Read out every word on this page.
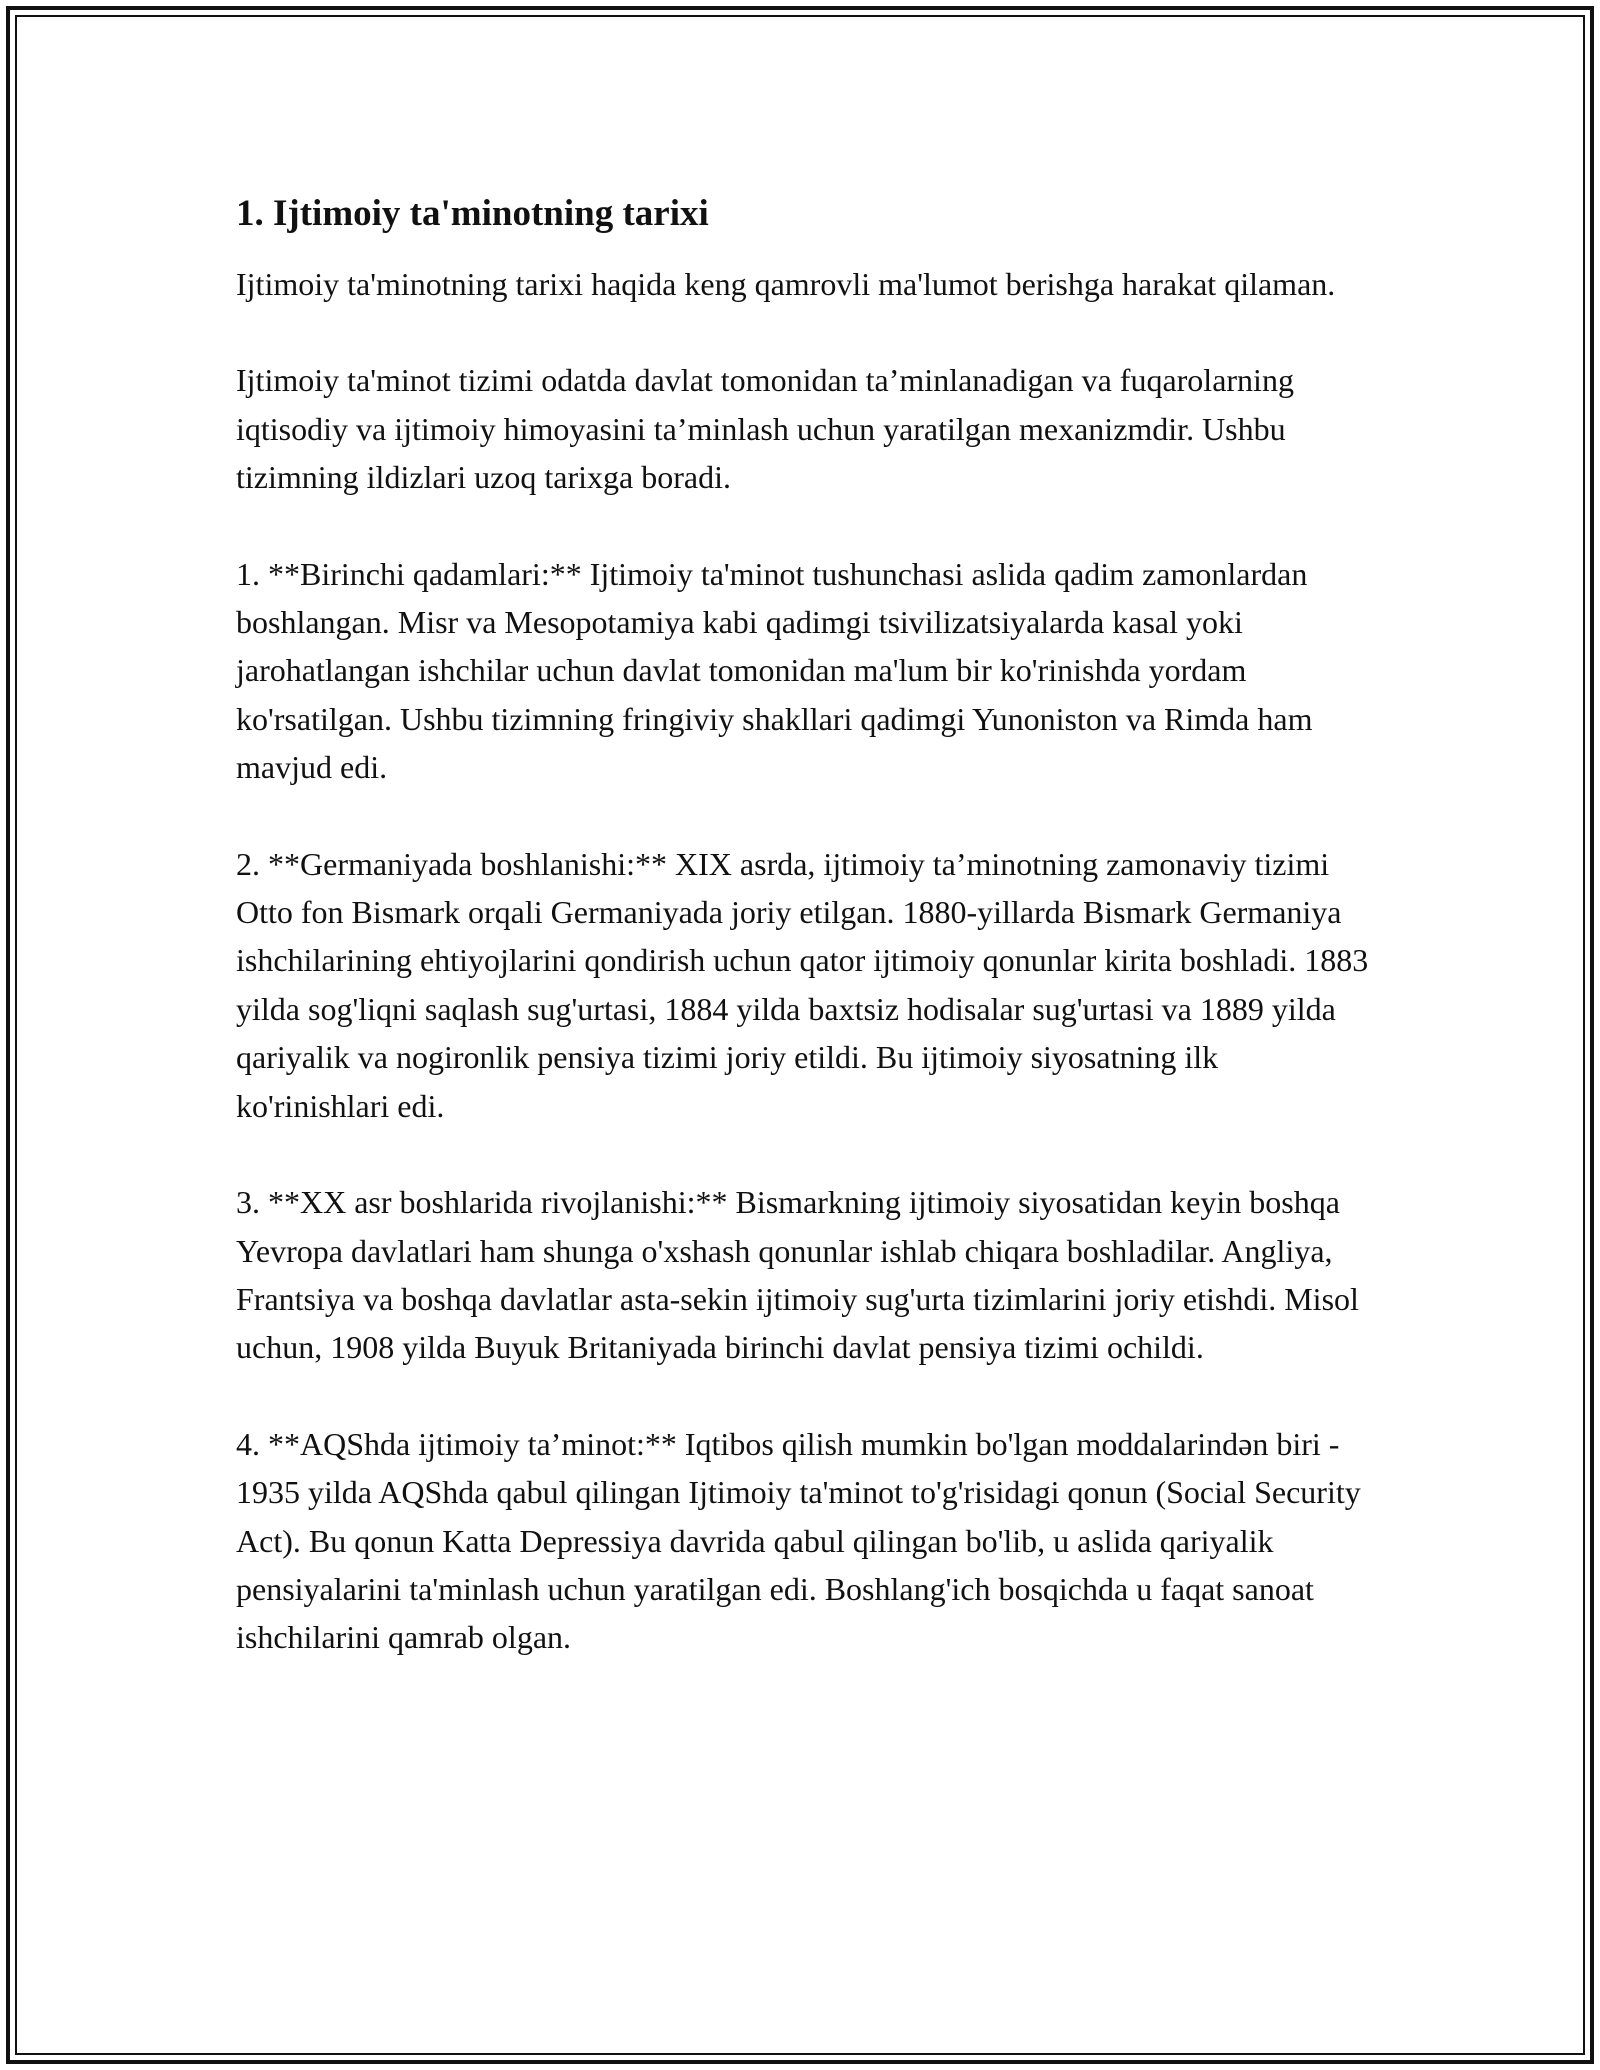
1. Ijtimoiy ta'minotning tarixi

Ijtimoiy ta'minotning tarixi haqida keng qamrovli ma'lumot berishga harakat qilaman.

Ijtimoiy ta'minot tizimi odatda davlat tomonidan ta’minlanadigan va fuqarolarning iqtisodiy va ijtimoiy himoyasini ta’minlash uchun yaratilgan mexanizmdir. Ushbu tizimning ildizlari uzoq tarixga boradi.

1. **Birinchi qadamlari:** Ijtimoiy ta'minot tushunchasi aslida qadim zamonlardan boshlangan. Misr va Mesopotamiya kabi qadimgi tsivilizatsiyalarda kasal yoki jarohatlangan ishchilar uchun davlat tomonidan ma'lum bir ko'rinishda yordam ko'rsatilgan. Ushbu tizimning fringiviy shakllari qadimgi Yunoniston va Rimda ham mavjud edi.

2. **Germaniyada boshlanishi:** XIX asrda, ijtimoiy ta’minotning zamonaviy tizimi Otto fon Bismark orqali Germaniyada joriy etilgan. 1880-yillarda Bismark Germaniya ishchilarining ehtiyojlarini qondirish uchun qator ijtimoiy qonunlar kirita boshladi. 1883 yilda sog'liqni saqlash sug'urtasi, 1884 yilda baxtsiz hodisalar sug'urtasi va 1889 yilda qariyalik va nogironlik pensiya tizimi joriy etildi. Bu ijtimoiy siyosatning ilk ko'rinishlari edi.

3. **XX asr boshlarida rivojlanishi:** Bismarkning ijtimoiy siyosatidan keyin boshqa Yevropa davlatlari ham shunga o'xshash qonunlar ishlab chiqara boshladilar. Angliya, Frantsiya va boshqa davlatlar asta-sekin ijtimoiy sug'urta tizimlarini joriy etishdi. Misol uchun, 1908 yilda Buyuk Britaniyada birinchi davlat pensiya tizimi ochildi.

4. **AQShda ijtimoiy ta’minot:** Iqtibos qilish mumkin bo'lgan moddalarindən biri - 1935 yilda AQShda qabul qilingan Ijtimoiy ta'minot to'g'risidagi qonun (Social Security Act). Bu qonun Katta Depressiya davrida qabul qilingan bo'lib, u aslida qariyalik pensiyalarini ta'minlash uchun yaratilgan edi. Boshlang'ich bosqichda u faqat sanoat ishchilarini qamrab olgan.
